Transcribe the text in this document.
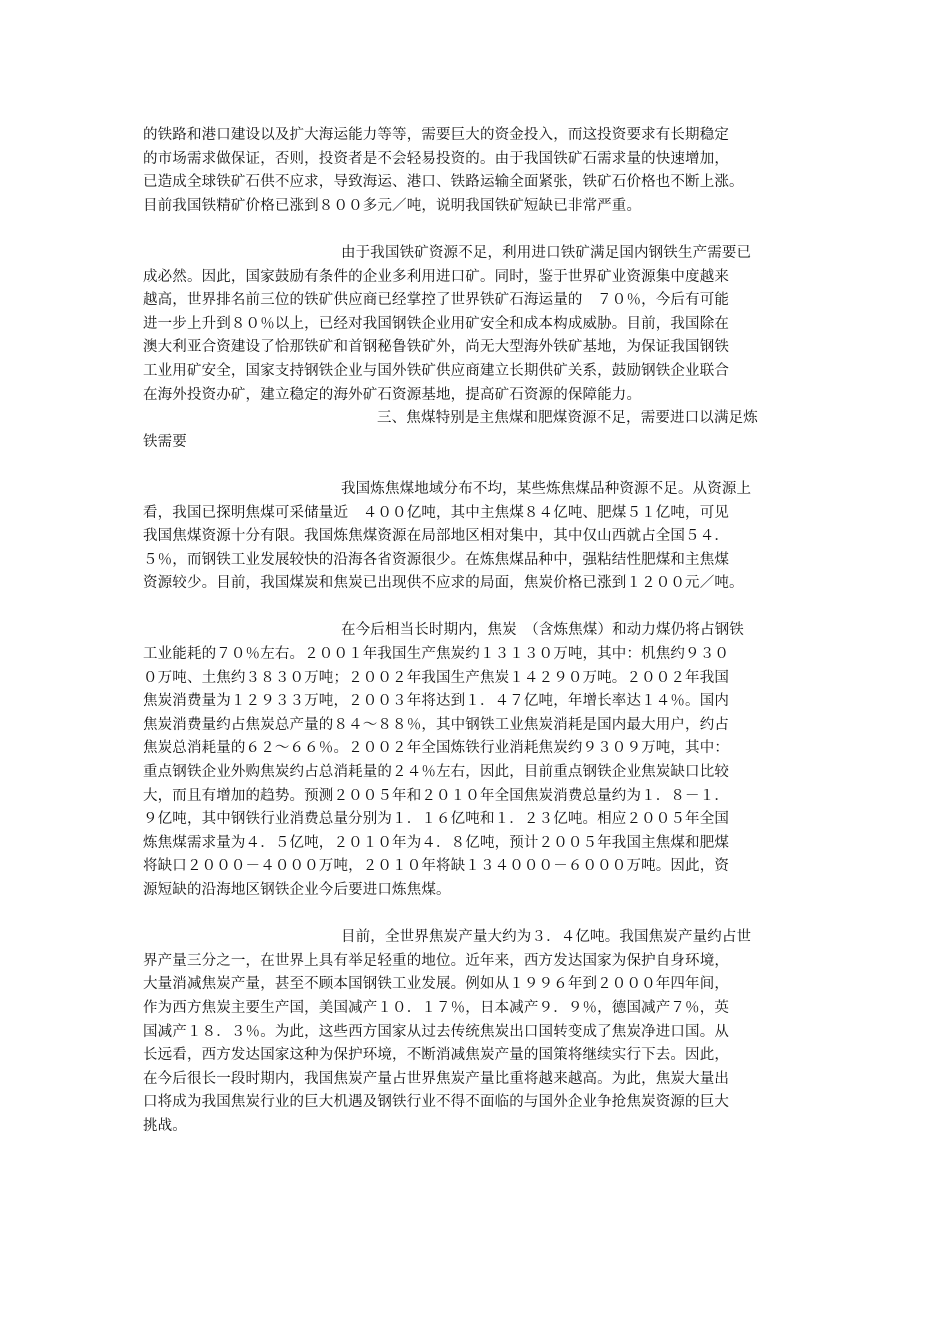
的铁路和港口建设以及扩大海运能力等等，需要巨大的资金投入，而这投资要求有长期稳定
的市场需求做保证，否则，投资者是不会轻易投资的。由于我国铁矿石需求量的快速增加，
已造成全球铁矿石供不应求，导致海运、港口、铁路运输全面紧张，铁矿石价格也不断上涨。
目前我国铁精矿价格已涨到８００多元／吨，说明我国铁矿短缺已非常严重。
由于我国铁矿资源不足，利用进口铁矿满足国内钢铁生产需要已
成必然。因此，国家鼓励有条件的企业多利用进口矿。同时，鉴于世界矿业资源集中度越来
越高，世界排名前三位的铁矿供应商已经掌控了世界铁矿石海运量的　７０％，今后有可能
进一步上升到８０％以上，已经对我国钢铁企业用矿安全和成本构成威胁。目前，我国除在
澳大利亚合资建设了恰那铁矿和首钢秘鲁铁矿外，尚无大型海外铁矿基地，为保证我国钢铁
工业用矿安全，国家支持钢铁企业与国外铁矿供应商建立长期供矿关系，鼓励钢铁企业联合
在海外投资办矿，建立稳定的海外矿石资源基地，提高矿石资源的保障能力。
三、焦煤特别是主焦煤和肥煤资源不足，需要进口以满足炼
铁需要
我国炼焦煤地域分布不均，某些炼焦煤品种资源不足。从资源上
看，我国已探明焦煤可采储量近　４００亿吨，其中主焦煤８４亿吨、肥煤５１亿吨，可见
我国焦煤资源十分有限。我国炼焦煤资源在局部地区相对集中，其中仅山西就占全国５４．
５％，而钢铁工业发展较快的沿海各省资源很少。在炼焦煤品种中，强粘结性肥煤和主焦煤
资源较少。目前，我国煤炭和焦炭已出现供不应求的局面，焦炭价格已涨到１２００元／吨。
在今后相当长时期内，焦炭　（含炼焦煤）和动力煤仍将占钢铁
工业能耗的７０％左右。２００１年我国生产焦炭约１３１３０万吨，其中：机焦约９３０
０万吨、土焦约３８３０万吨；２００２年我国生产焦炭１４２９０万吨。２００２年我国
焦炭消费量为１２９３３万吨，２００３年将达到１．４７亿吨，年增长率达１４％。国内
焦炭消费量约占焦炭总产量的８４～８８％，其中钢铁工业焦炭消耗是国内最大用户，约占
焦炭总消耗量的６２～６６％。２００２年全国炼铁行业消耗焦炭约９３０９万吨，其中：
重点钢铁企业外购焦炭约占总消耗量的２４％左右，因此，目前重点钢铁企业焦炭缺口比较
大，而且有增加的趋势。预测２００５年和２０１０年全国焦炭消费总量约为１．８－１．
９亿吨，其中钢铁行业消费总量分别为１．１６亿吨和１．２３亿吨。相应２００５年全国
炼焦煤需求量为４．５亿吨，２０１０年为４．８亿吨，预计２００５年我国主焦煤和肥煤
将缺口２０００－４０００万吨，２０１０年将缺１３４０００－６０００万吨。因此，资
源短缺的沿海地区钢铁企业今后要进口炼焦煤。
目前，全世界焦炭产量大约为３．４亿吨。我国焦炭产量约占世
界产量三分之一，在世界上具有举足轻重的地位。近年来，西方发达国家为保护自身环境，
大量消减焦炭产量，甚至不顾本国钢铁工业发展。例如从１９９６年到２０００年四年间，
作为西方焦炭主要生产国，美国减产１０．１７％，日本减产９．９％，德国减产７％，英
国减产１８．３％。为此，这些西方国家从过去传统焦炭出口国转变成了焦炭净进口国。从
长远看，西方发达国家这种为保护环境，不断消减焦炭产量的国策将继续实行下去。因此，
在今后很长一段时期内，我国焦炭产量占世界焦炭产量比重将越来越高。为此，焦炭大量出
口将成为我国焦炭行业的巨大机遇及钢铁行业不得不面临的与国外企业争抢焦炭资源的巨大
挑战。
